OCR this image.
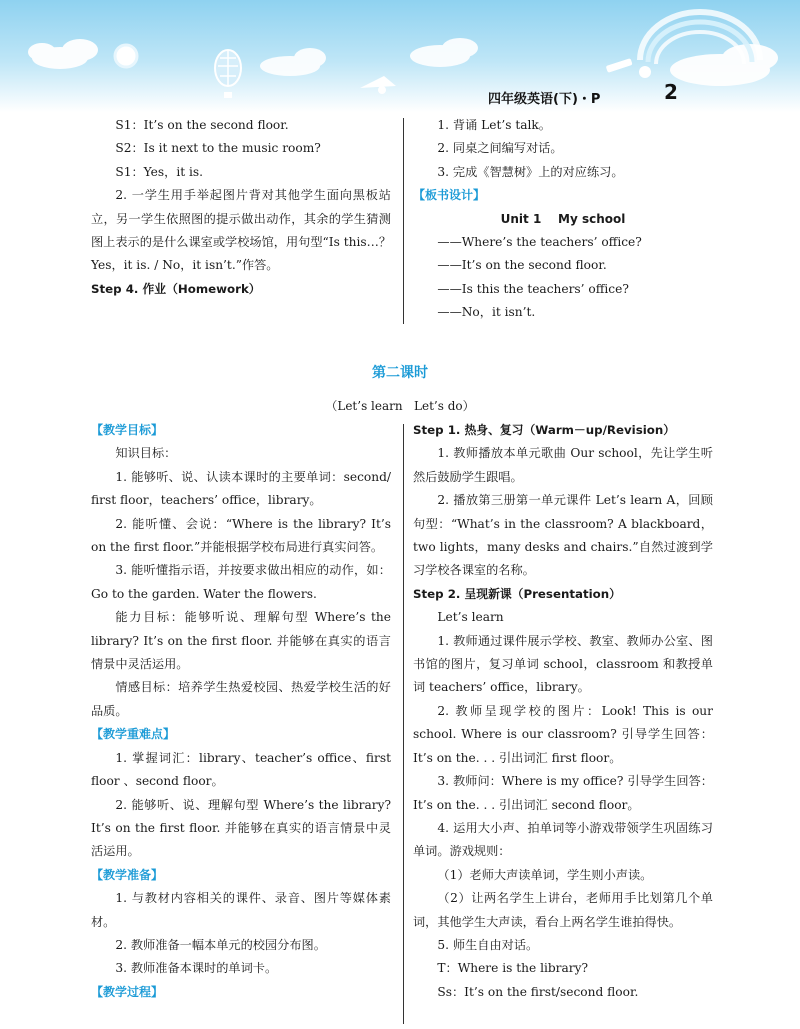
四年级英语(下)・P	2

S1：It’s on the second floor.

S2：Is it next to the music room?

S1：Yes，it is.

2. 一学生用手举起图片背对其他学生面向黑板站立，另一学生依照图的提示做出动作，其余的学生猜测图上表示的是什么课室或学校场馆，用句型“Is this…？Yes，it is. / No，it isn’t.”作答。

Step 4. 作业（Homework）

1. 背诵 Let’s talk。

2. 同桌之间编写对话。

3. 完成《智慧树》上的对应练习。

【板书设计】

Unit 1    My school

——Where’s the teachers’ office?

——It’s on the second floor.

——Is this the teachers’ office?

——No，it isn’t.

第二课时
（Let’s learn   Let’s do）

【教学目标】

知识目标：

1. 能够听、说、认读本课时的主要单词：second/ first floor，teachers’ office，library。

2. 能听懂、会说：“Where is the library? It’s on the first floor.”并能根据学校布局进行真实问答。

3. 能听懂指示语，并按要求做出相应的动作，如：Go to the garden. Water the flowers.

能力目标：能够听说、理解句型 Where’s the library? It’s on the first floor. 并能够在真实的语言情景中灵活运用。

情感目标：培养学生热爱校园、热爱学校生活的好品质。

【教学重难点】

1. 掌握词汇：library、teacher’s office、first floor 、second floor。

2. 能够听、说、理解句型 Where’s the library? It’s on the first floor. 并能够在真实的语言情景中灵活运用。

【教学准备】

1. 与教材内容相关的课件、录音、图片等媒体素材。

2. 教师准备一幅本单元的校园分布图。

3. 教师准备本课时的单词卡。

【教学过程】

Step 1. 热身、复习（Warm－up/Revision）

1. 教师播放本单元歌曲 Our school，先让学生听然后鼓励学生跟唱。

2. 播放第三册第一单元课件 Let’s learn A，回顾句型：“What’s in the classroom? A blackboard，two lights，many desks and chairs.”自然过渡到学习学校各课室的名称。

Step 2. 呈现新课（Presentation）

Let’s learn

1. 教师通过课件展示学校、教室、教师办公室、图书馆的图片，复习单词 school，classroom 和教授单词 teachers’ office，library。

2. 教师呈现学校的图片：Look! This is our school. Where is our classroom? 引导学生回答：It’s on the. . . 引出词汇 first floor。

3. 教师问：Where is my office? 引导学生回答：It’s on the. . . 引出词汇 second floor。

4. 运用大小声、拍单词等小游戏带领学生巩固练习单词。游戏规则：

（1）老师大声读单词，学生则小声读。

（2）让两名学生上讲台，老师用手比划第几个单词，其他学生大声读，看台上两名学生谁拍得快。

5. 师生自由对话。

T：Where is the library?

Ss：It’s on the first/second floor.
